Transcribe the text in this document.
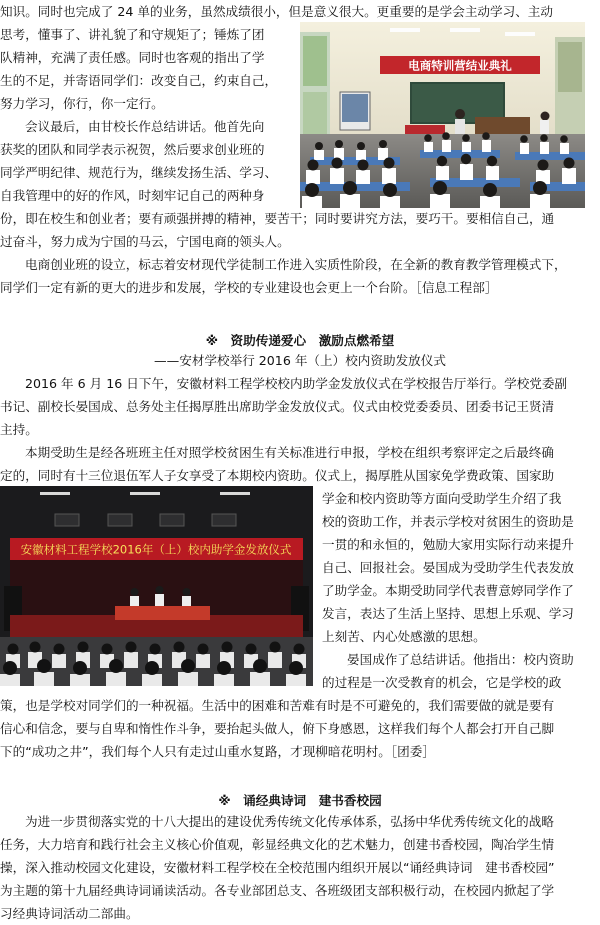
知识。同时也完成了 24 单的业务，虽然成绩很小，但是意义很大。更重要的是学会主动学习、主动

电商特训营结业典礼

思考，懂事了、讲礼貌了和守规矩了；锤炼了团

队精神，充满了责任感。同时也客观的指出了学

生的不足，并寄语同学们：改变自己，约束自己，

努力学习，你行，你一定行。

会议最后，由甘校长作总结讲话。他首先向

获奖的团队和同学表示祝贺，然后要求创业班的

同学严明纪律、规范行为，继续发扬生活、学习、

自我管理中的好的作风，时刻牢记自己的两种身

份，即在校生和创业者；要有顽强拼搏的精神，要苦干；同时要讲究方法，要巧干。要相信自己，通

过奋斗，努力成为宁国的马云，宁国电商的领头人。

电商创业班的设立，标志着安材现代学徒制工作进入实质性阶段，在全新的教育教学管理模式下，

同学们一定有新的更大的进步和发展，学校的专业建设也会更上一个台阶。［信息工程部］

※　资助传递爱心　激励点燃希望
——安材学校举行 2016 年（上）校内资助发放仪式

2016 年 6 月 16 日下午，安徽材料工程学校校内助学金发放仪式在学校报告厅举行。学校党委副

书记、副校长晏国成、总务处主任揭厚胜出席助学金发放仪式。仪式由校党委委员、团委书记王贤清

主持。

本期受助生是经各班班主任对照学校贫困生有关标准进行申报，学校在组织考察评定之后最终确

定的，同时有十三位退伍军人子女享受了本期校内资助。仪式上，揭厚胜从国家免学费政策、国家助

安徽材料工程学校2016年（上）校内助学金发放仪式

学金和校内资助等方面向受助学生介绍了我

校的资助工作，并表示学校对贫困生的资助是

一贯的和永恒的，勉励大家用实际行动来提升

自己、回报社会。晏国成为受助学生代表发放

了助学金。本期受助同学代表曹意婷同学作了

发言，表达了生活上坚持、思想上乐观、学习

上刻苦、内心处感激的思想。

晏国成作了总结讲话。他指出：校内资助

的过程是一次受教育的机会，它是学校的政

策，也是学校对同学们的一种祝福。生活中的困难和苦难有时是不可避免的，我们需要做的就是要有

信心和信念，要与自卑和惰性作斗争，要抬起头做人，俯下身感恩，这样我们每个人都会打开自己脚

下的“成功之井”，我们每个人只有走过山重水复路，才现柳暗花明村。［团委］

※　诵经典诗词　建书香校园

为进一步贯彻落实党的十八大提出的建设优秀传统文化传承体系，弘扬中华优秀传统文化的战略

任务，大力培育和践行社会主义核心价值观，彰显经典文化的艺术魅力，创建书香校园，陶冶学生情

操，深入推动校园文化建设，安徽材料工程学校在全校范围内组织开展以“诵经典诗词　建书香校园”

为主题的第十九届经典诗词诵读活动。各专业部团总支、各班级团支部积极行动，在校园内掀起了学

习经典诗词活动二部曲。
